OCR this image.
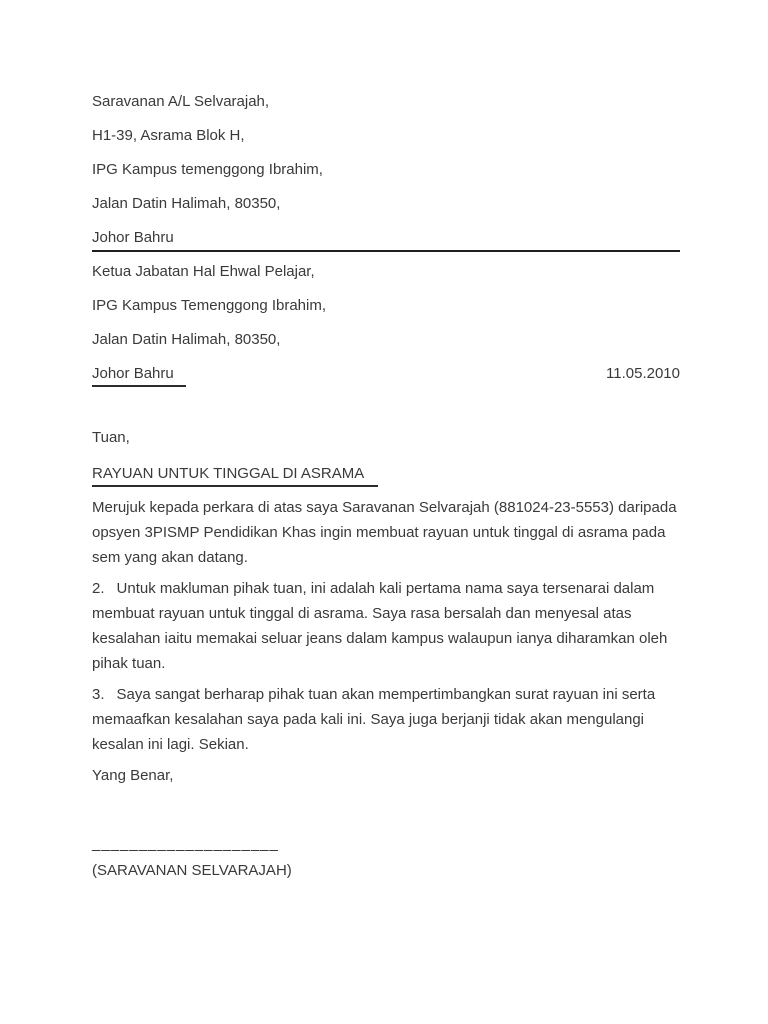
Saravanan A/L Selvarajah,
H1-39, Asrama Blok H,
IPG Kampus temenggong Ibrahim,
Jalan Datin Halimah, 80350,
Johor Bahru
Ketua Jabatan Hal Ehwal Pelajar,
IPG Kampus Temenggong Ibrahim,
Jalan Datin Halimah, 80350,
Johor Bahru	11.05.2010
Tuan,
RAYUAN UNTUK TINGGAL DI ASRAMA

Merujuk kepada perkara di atas saya Saravanan Selvarajah (881024-23-5553) daripada opsyen 3PISMP Pendidikan Khas ingin membuat rayuan untuk tinggal di asrama pada sem yang akan datang.

2. Untuk makluman pihak tuan, ini adalah kali pertama nama saya tersenarai dalam membuat rayuan untuk tinggal di asrama. Saya rasa bersalah dan menyesal atas kesalahan iaitu memakai seluar jeans dalam kampus walaupun ianya diharamkan oleh pihak tuan.

3. Saya sangat berharap pihak tuan akan mempertimbangkan surat rayuan ini serta memaafkan kesalahan saya pada kali ini. Saya juga berjanji tidak akan mengulangi kesalan ini lagi. Sekian.

Yang Benar,
____________________
(SARAVANAN SELVARAJAH)
